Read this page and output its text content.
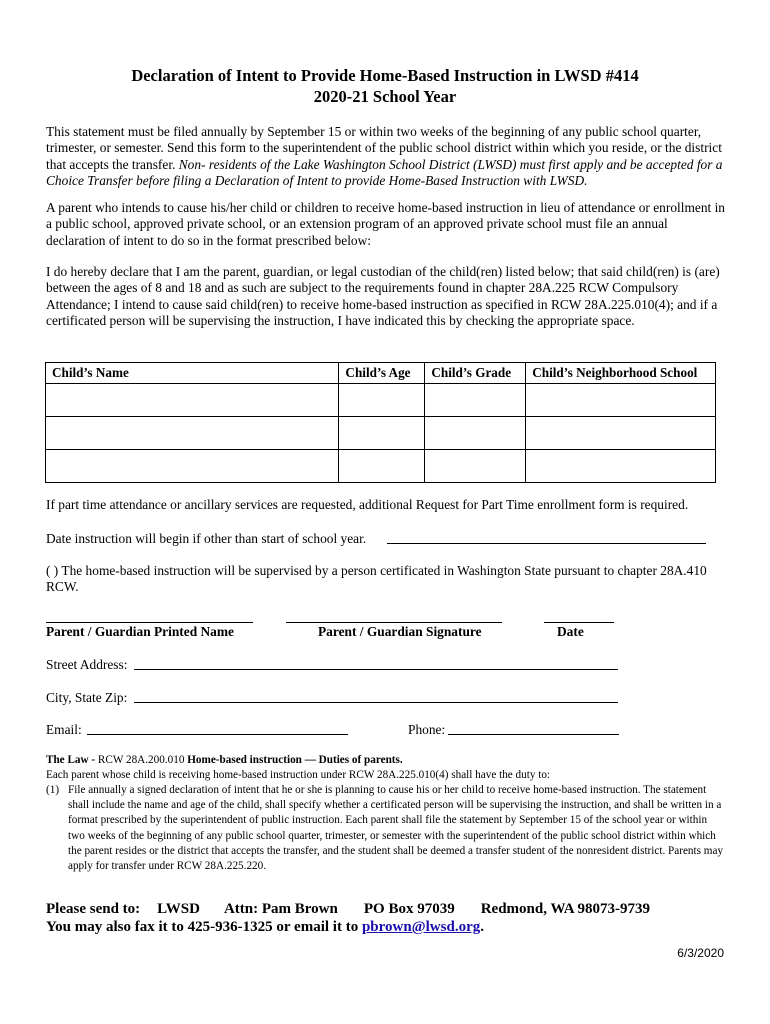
Declaration of Intent to Provide Home-Based Instruction in LWSD #414
2020-21 School Year
This statement must be filed annually by September 15 or within two weeks of the beginning of any public school quarter, trimester, or semester. Send this form to the superintendent of the public school district within which you reside, or the district that accepts the transfer. Non- residents of the Lake Washington School District (LWSD) must first apply and be accepted for a Choice Transfer before filing a Declaration of Intent to provide Home-Based Instruction with LWSD.
A parent who intends to cause his/her child or children to receive home-based instruction in lieu of attendance or enrollment in a public school, approved private school, or an extension program of an approved private school must file an annual declaration of intent to do so in the format prescribed below:
I do hereby declare that I am the parent, guardian, or legal custodian of the child(ren) listed below; that said child(ren) is (are) between the ages of 8 and 18 and as such are subject to the requirements found in chapter 28A.225 RCW Compulsory Attendance; I intend to cause said child(ren) to receive home-based instruction as specified in RCW 28A.225.010(4); and if a certificated person will be supervising the instruction, I have indicated this by checking the appropriate space.
Child’s Name	Child’s Age	Child’s Grade	Child’s Neighborhood School

If part time attendance or ancillary services are requested, additional Request for Part Time enrollment form is required.
Date instruction will begin if other than start of school year.
( ) The home-based instruction will be supervised by a person certificated in Washington State pursuant to chapter 28A.410 RCW.
Parent / Guardian Printed Name	Parent / Guardian Signature	Date
Street Address:
City, State Zip:
Email:	Phone:
The Law - RCW 28A.200.010 Home-based instruction — Duties of parents.
Each parent whose child is receiving home-based instruction under RCW 28A.225.010(4) shall have the duty to:
(1) File annually a signed declaration of intent that he or she is planning to cause his or her child to receive home-based instruction. The statement shall include the name and age of the child, shall specify whether a certificated person will be supervising the instruction, and shall be written in a format prescribed by the superintendent of public instruction. Each parent shall file the statement by September 15 of the school year or within two weeks of the beginning of any public school quarter, trimester, or semester with the superintendent of the public school district within which the parent resides or the district that accepts the transfer, and the student shall be deemed a transfer student of the nonresident district. Parents may apply for transfer under RCW 28A.225.220.
Please send to: LWSD Attn: Pam Brown PO Box 97039 Redmond, WA 98073-9739
You may also fax it to 425-936-1325 or email it to pbrown@lwsd.org.
6/3/2020
